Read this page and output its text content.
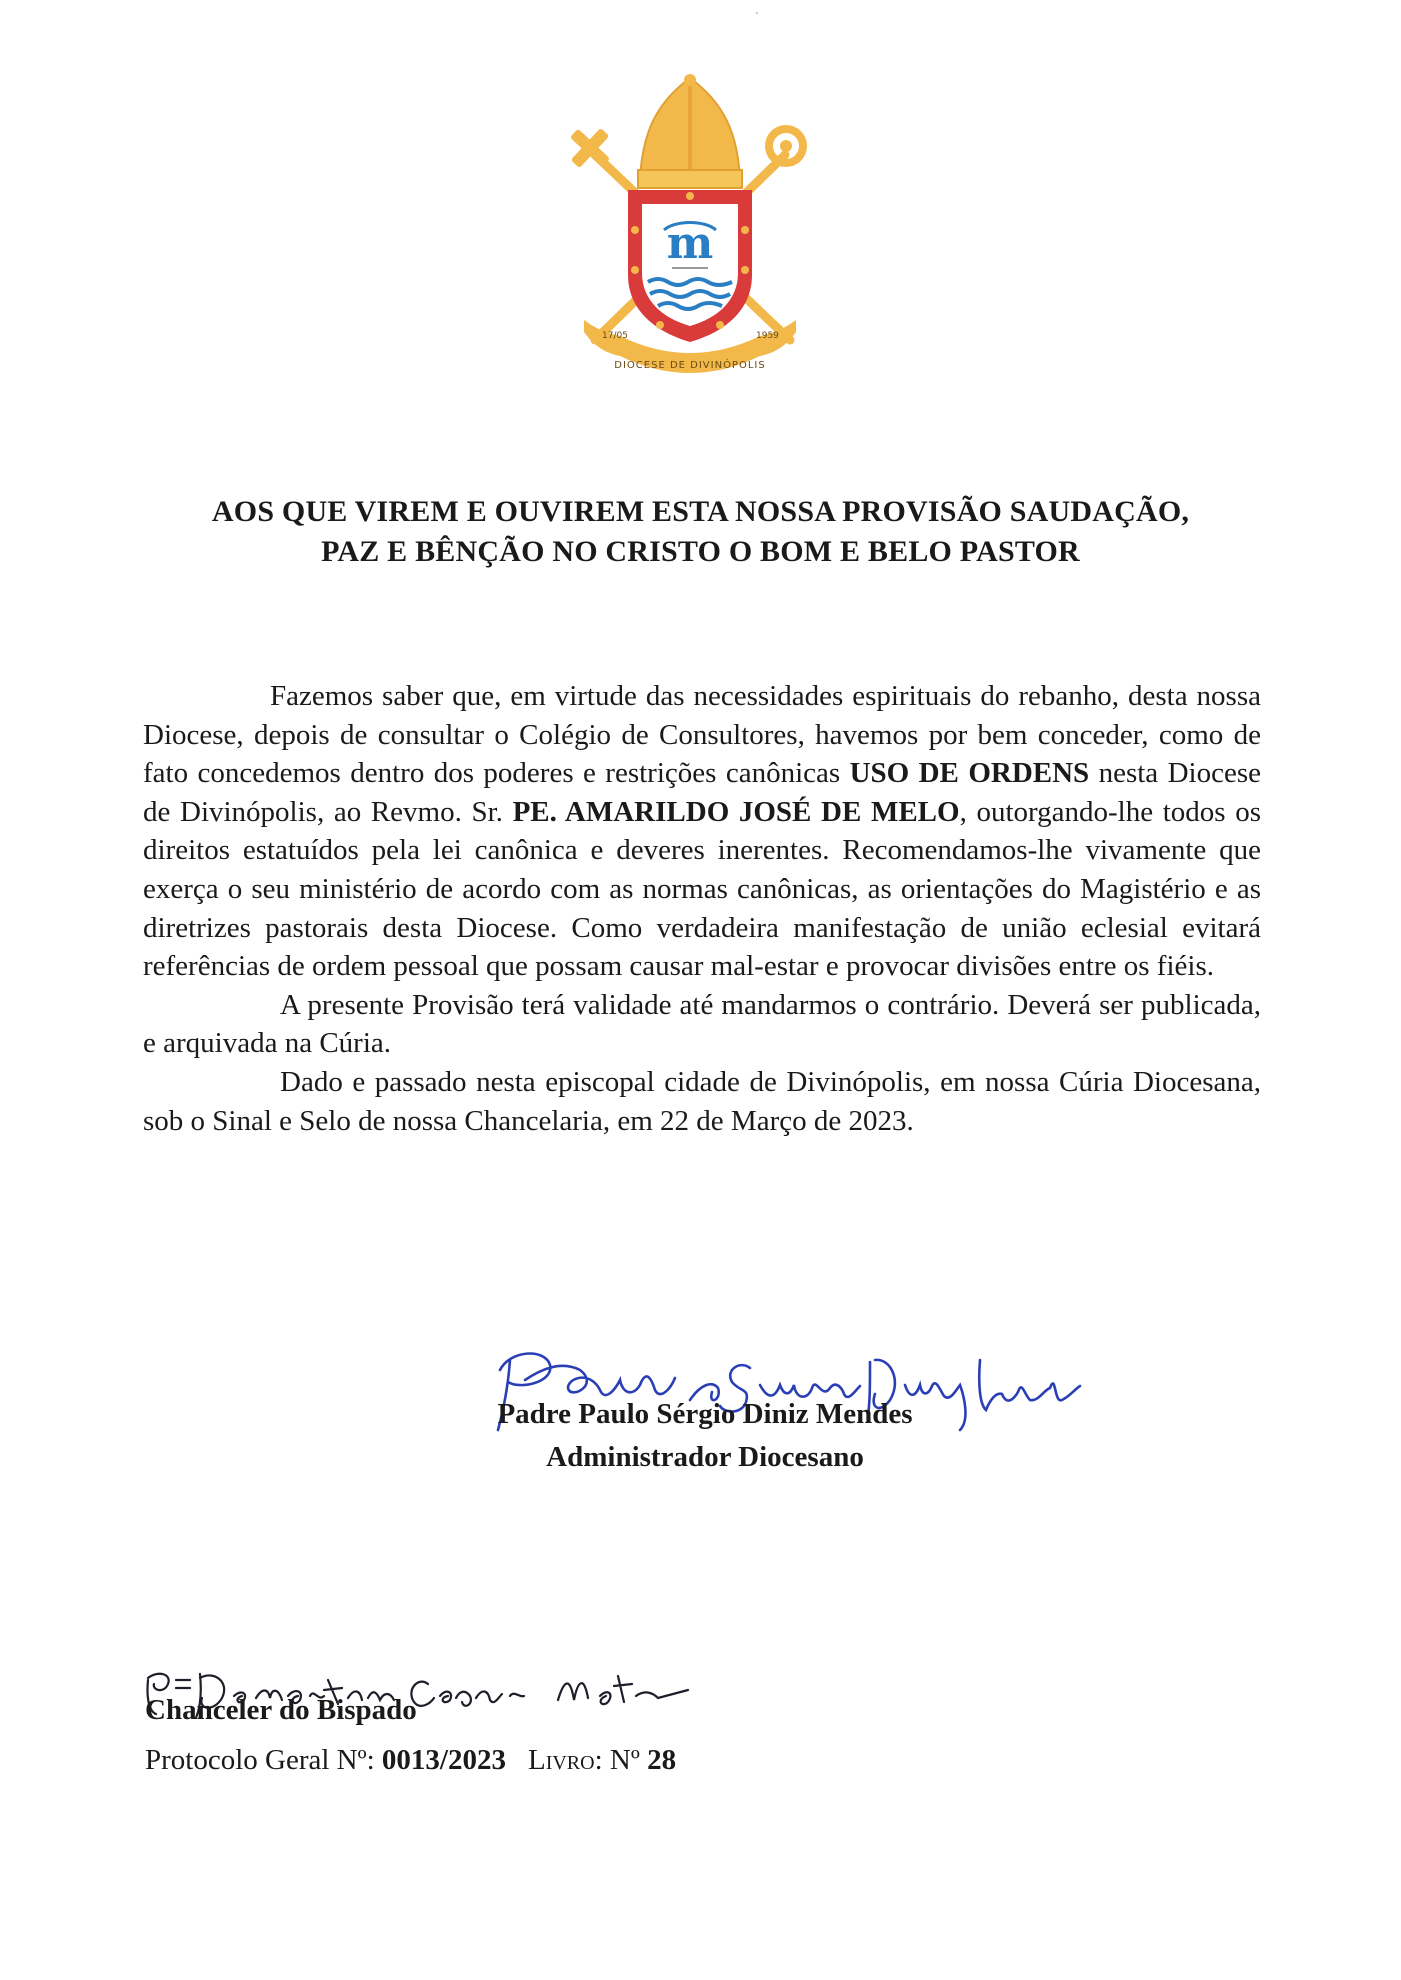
m
17/05	1959
DIOCESE DE DIVINÓPOLIS
AOS QUE VIREM E OUVIREM ESTA NOSSA PROVISÃO SAUDAÇÃO,
PAZ E BÊNÇÃO NO CRISTO O BOM E BELO PASTOR

Fazemos saber que, em virtude das necessidades espirituais do rebanho, desta nossa Diocese, depois de consultar o Colégio de Consultores, havemos por bem conceder, como de fato concedemos dentro dos poderes e restrições canônicas USO DE ORDENS nesta Diocese de Divinópolis, ao Revmo. Sr. PE. AMARILDO JOSÉ DE MELO, outorgando-lhe todos os direitos estatuídos pela lei canônica e deveres inerentes. Recomendamos-lhe vivamente que exerça o seu ministério de acordo com as normas canônicas, as orientações do Magistério e as diretrizes pastorais desta Diocese. Como verdadeira manifestação de união eclesial evitará referências de ordem pessoal que possam causar mal-estar e provocar divisões entre os fiéis.

A presente Provisão terá validade até mandarmos o contrário. Deverá ser publicada, e arquivada na Cúria.

Dado e passado nesta episcopal cidade de Divinópolis, em nossa Cúria Diocesana, sob o Sinal e Selo de nossa Chancelaria, em 22 de Março de 2023.

Padre Paulo Sérgio Diniz Mendes
Administrador Diocesano
Chanceler do Bispado
Protocolo Geral Nº: 0013/2023 Livro: Nº 28
